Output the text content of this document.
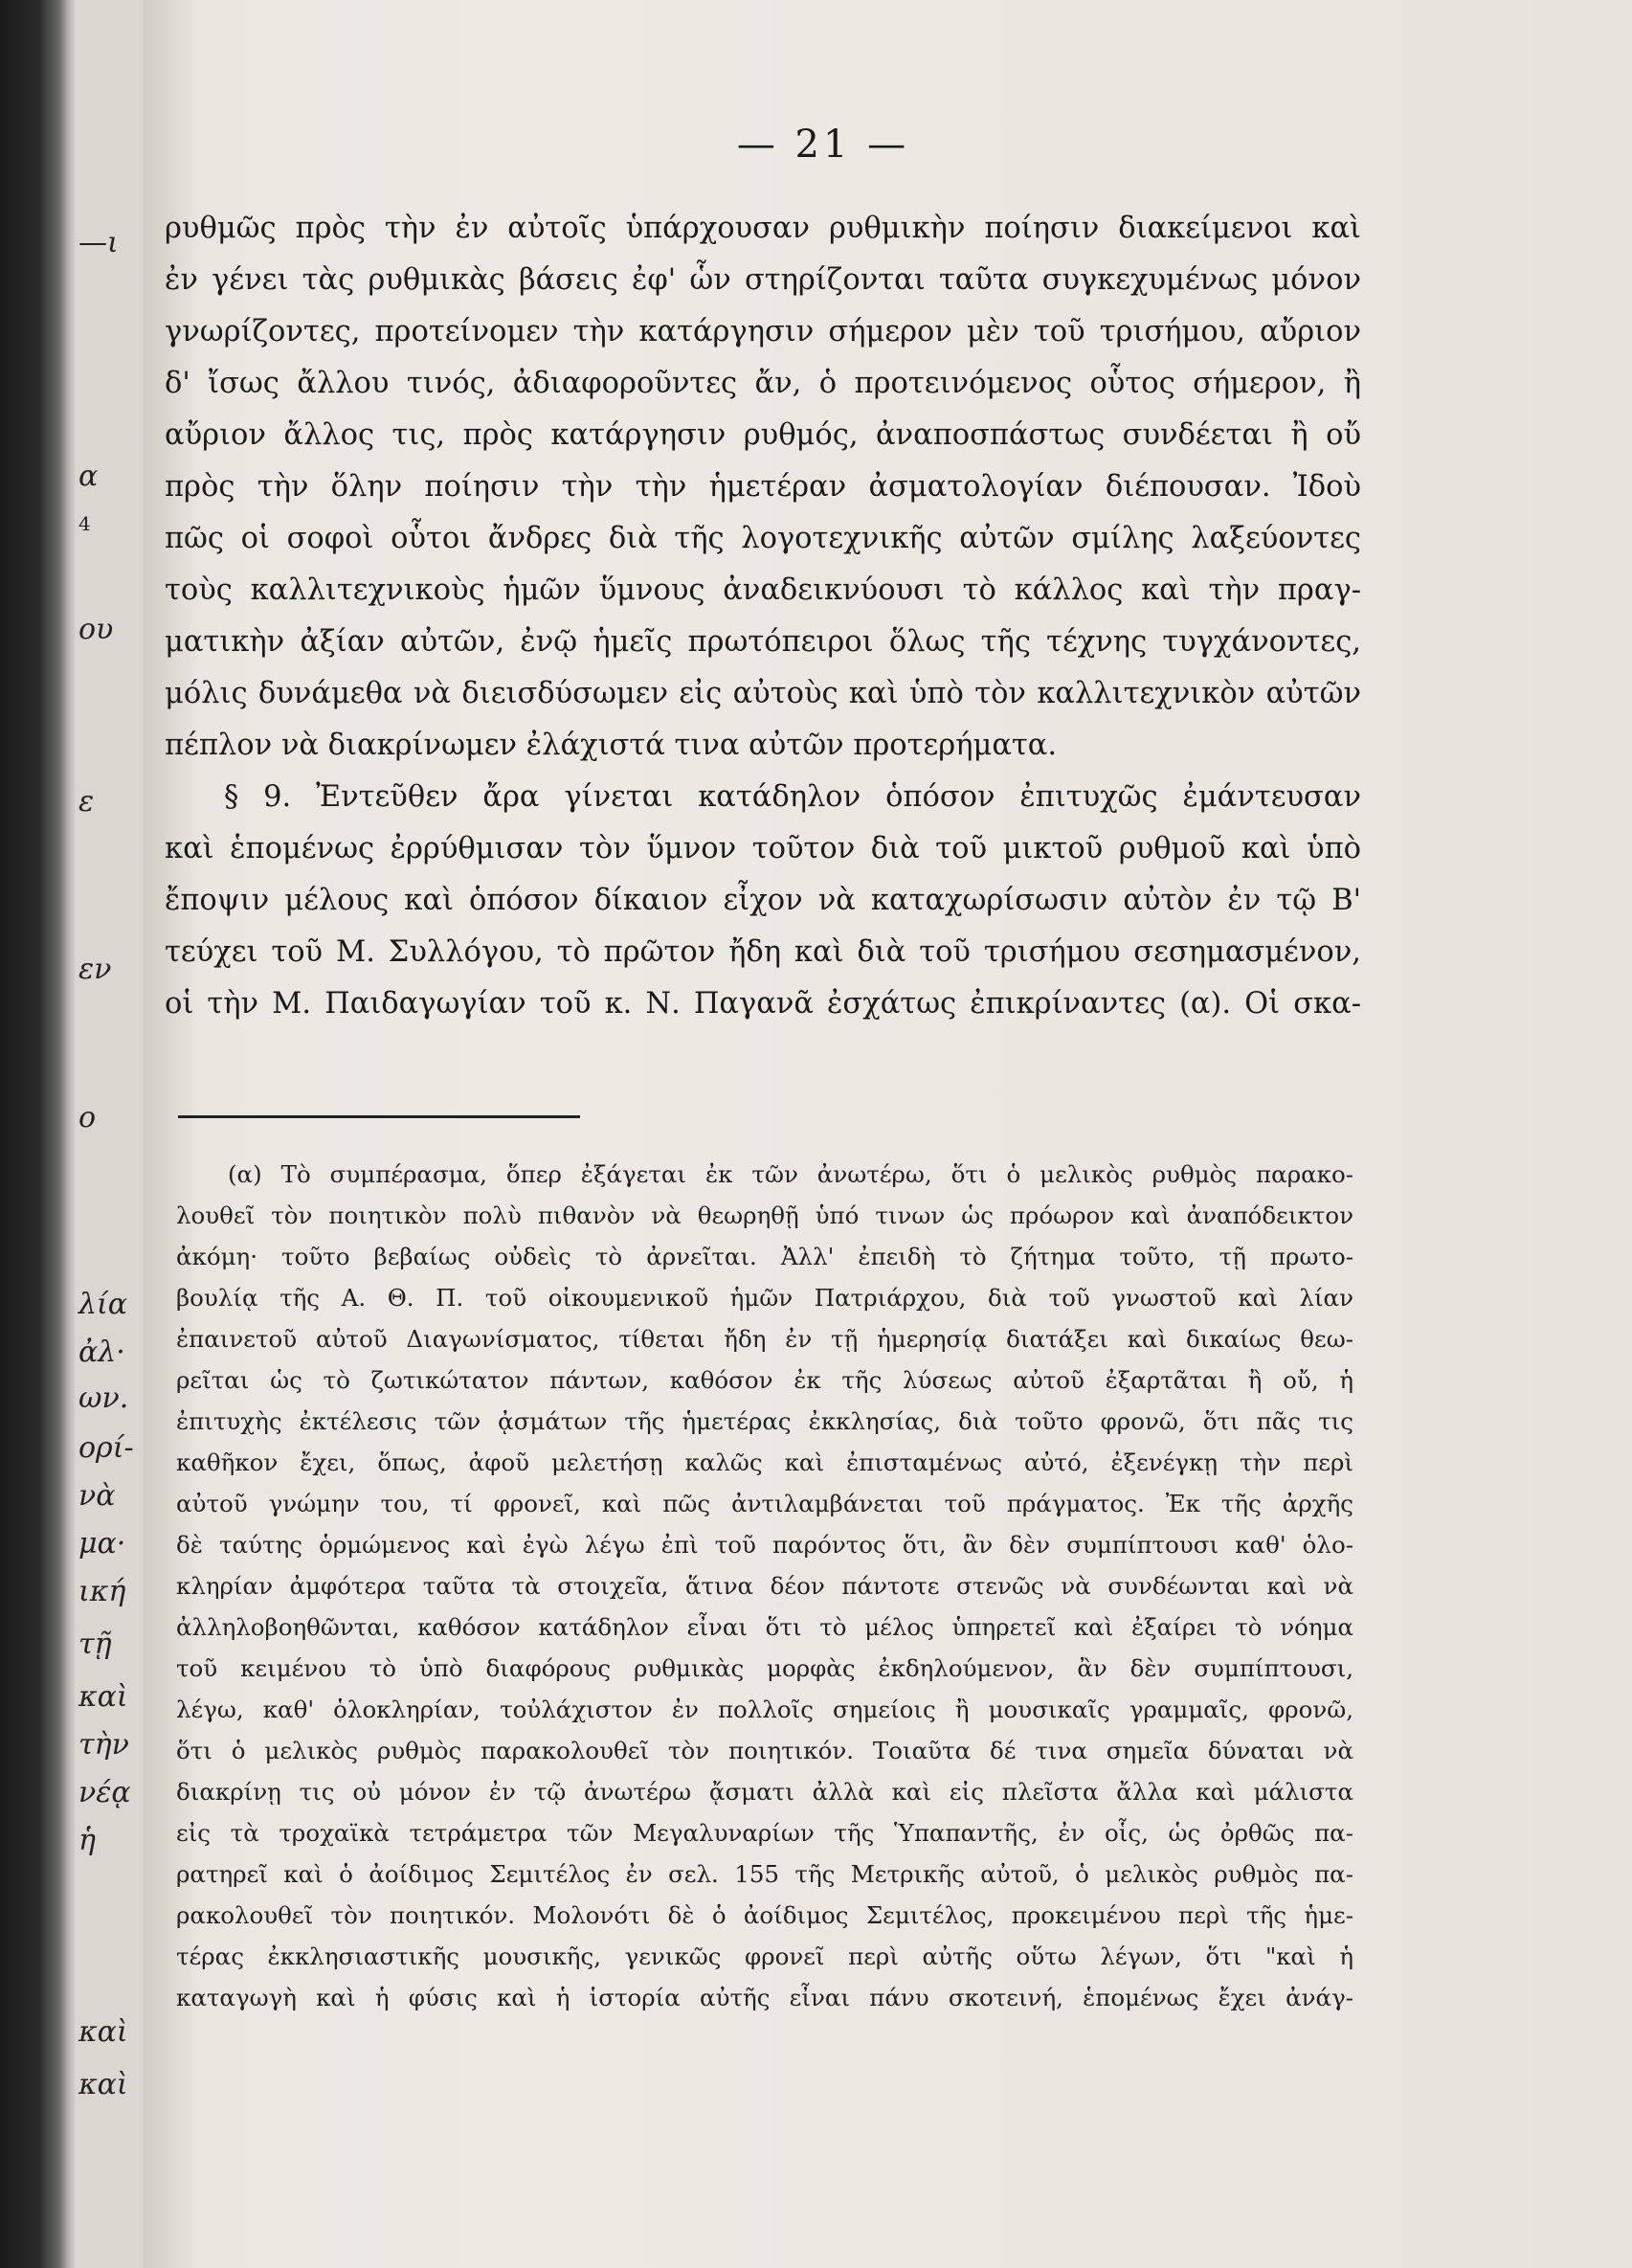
—ι
α
4
ου
ε
εν
ο
λία
ἀλ·
ων.
ορί-
νὰ
μα·
ική
τῇ
καὶ
τὴν
νέᾳ
ἡ
καὶ
καὶ
— 21 —
ρυθμῶς πρὸς τὴν ἐν αὐτοῖς ὑπάρχουσαν ρυθμικὴν ποίησιν διακείμενοι καὶ
ἐν γένει τὰς ρυθμικὰς βάσεις ἐφ' ὧν στηρίζονται ταῦτα συγκεχυμένως μόνον
γνωρίζοντες, προτείνομεν τὴν κατάργησιν σήμερον μὲν τοῦ τρισήμου, αὔριον
δ' ἴσως ἄλλου τινός, ἀδιαφοροῦντες ἄν, ὁ προτεινόμενος οὗτος σήμερον, ἢ
αὔριον ἄλλος τις, πρὸς κατάργησιν ρυθμός, ἀναποσπάστως συνδέεται ἢ οὔ
πρὸς τὴν ὅλην ποίησιν τὴν τὴν ἡμετέραν ἀσματολογίαν διέπουσαν. Ἰδοὺ
πῶς οἱ σοφοὶ οὗτοι ἄνδρες διὰ τῆς λογοτεχνικῆς αὐτῶν σμίλης λαξεύοντες
τοὺς καλλιτεχνικοὺς ἡμῶν ὕμνους ἀναδεικνύουσι τὸ κάλλος καὶ τὴν πραγ-
ματικὴν ἀξίαν αὐτῶν, ἐνῷ ἡμεῖς πρωτόπειροι ὅλως τῆς τέχνης τυγχάνοντες,
μόλις δυνάμεθα νὰ διεισδύσωμεν εἰς αὐτοὺς καὶ ὑπὸ τὸν καλλιτεχνικὸν αὐτῶν
πέπλον νὰ διακρίνωμεν ἐλάχιστά τινα αὐτῶν προτερήματα.
§ 9. Ἐντεῦθεν ἄρα γίνεται κατάδηλον ὁπόσον ἐπιτυχῶς ἐμάντευσαν
καὶ ἑπομένως ἐρρύθμισαν τὸν ὕμνον τοῦτον διὰ τοῦ μικτοῦ ρυθμοῦ καὶ ὑπὸ
ἔποψιν μέλους καὶ ὁπόσον δίκαιον εἶχον νὰ καταχωρίσωσιν αὐτὸν ἐν τῷ Β'
τεύχει τοῦ Μ. Συλλόγου, τὸ πρῶτον ἤδη καὶ διὰ τοῦ τρισήμου σεσημασμένον,
οἱ τὴν Μ. Παιδαγωγίαν τοῦ κ. Ν. Παγανᾶ ἐσχάτως ἐπικρίναντες (α). Οἱ σκα-
(α) Τὸ συμπέρασμα, ὅπερ ἐξάγεται ἐκ τῶν ἀνωτέρω, ὅτι ὁ μελικὸς ρυθμὸς παρακο-
λουθεῖ τὸν ποιητικὸν πολὺ πιθανὸν νὰ θεωρηθῇ ὑπό τινων ὡς πρόωρον καὶ ἀναπόδεικτον
ἀκόμη· τοῦτο βεβαίως οὐδεὶς τὸ ἀρνεῖται. Ἀλλ' ἐπειδὴ τὸ ζήτημα τοῦτο, τῇ πρωτο-
βουλίᾳ τῆς Α. Θ. Π. τοῦ οἰκουμενικοῦ ἡμῶν Πατριάρχου, διὰ τοῦ γνωστοῦ καὶ λίαν
ἐπαινετοῦ αὐτοῦ Διαγωνίσματος, τίθεται ἤδη ἐν τῇ ἡμερησίᾳ διατάξει καὶ δικαίως θεω-
ρεῖται ὡς τὸ ζωτικώτατον πάντων, καθόσον ἐκ τῆς λύσεως αὐτοῦ ἐξαρτᾶται ἢ οὔ, ἡ
ἐπιτυχὴς ἐκτέλεσις τῶν ᾀσμάτων τῆς ἡμετέρας ἐκκλησίας, διὰ τοῦτο φρονῶ, ὅτι πᾶς τις
καθῆκον ἔχει, ὅπως, ἀφοῦ μελετήσῃ καλῶς καὶ ἐπισταμένως αὐτό, ἐξενέγκῃ τὴν περὶ
αὐτοῦ γνώμην του, τί φρονεῖ, καὶ πῶς ἀντιλαμβάνεται τοῦ πράγματος. Ἐκ τῆς ἀρχῆς
δὲ ταύτης ὁρμώμενος καὶ ἐγὼ λέγω ἐπὶ τοῦ παρόντος ὅτι, ἂν δὲν συμπίπτουσι καθ' ὁλο-
κληρίαν ἀμφότερα ταῦτα τὰ στοιχεῖα, ἅτινα δέον πάντοτε στενῶς νὰ συνδέωνται καὶ νὰ
ἀλληλοβοηθῶνται, καθόσον κατάδηλον εἶναι ὅτι τὸ μέλος ὑπηρετεῖ καὶ ἐξαίρει τὸ νόημα
τοῦ κειμένου τὸ ὑπὸ διαφόρους ρυθμικὰς μορφὰς ἐκδηλούμενον, ἂν δὲν συμπίπτουσι,
λέγω, καθ' ὁλοκληρίαν, τοὐλάχιστον ἐν πολλοῖς σημείοις ἢ μουσικαῖς γραμμαῖς, φρονῶ,
ὅτι ὁ μελικὸς ρυθμὸς παρακολουθεῖ τὸν ποιητικόν. Τοιαῦτα δέ τινα σημεῖα δύναται νὰ
διακρίνῃ τις οὐ μόνον ἐν τῷ ἀνωτέρω ᾄσματι ἀλλὰ καὶ εἰς πλεῖστα ἄλλα καὶ μάλιστα
εἰς τὰ τροχαϊκὰ τετράμετρα τῶν Μεγαλυναρίων τῆς Ὑπαπαντῆς, ἐν οἷς, ὡς ὀρθῶς πα-
ρατηρεῖ καὶ ὁ ἀοίδιμος Σεμιτέλος ἐν σελ. 155 τῆς Μετρικῆς αὐτοῦ, ὁ μελικὸς ρυθμὸς πα-
ρακολουθεῖ τὸν ποιητικόν. Μολονότι δὲ ὁ ἀοίδιμος Σεμιτέλος, προκειμένου περὶ τῆς ἡμε-
τέρας ἐκκλησιαστικῆς μουσικῆς, γενικῶς φρονεῖ περὶ αὐτῆς οὕτω λέγων, ὅτι "καὶ ἡ
καταγωγὴ καὶ ἡ φύσις καὶ ἡ ἱστορία αὐτῆς εἶναι πάνυ σκοτεινή, ἑπομένως ἔχει ἀνάγ-
